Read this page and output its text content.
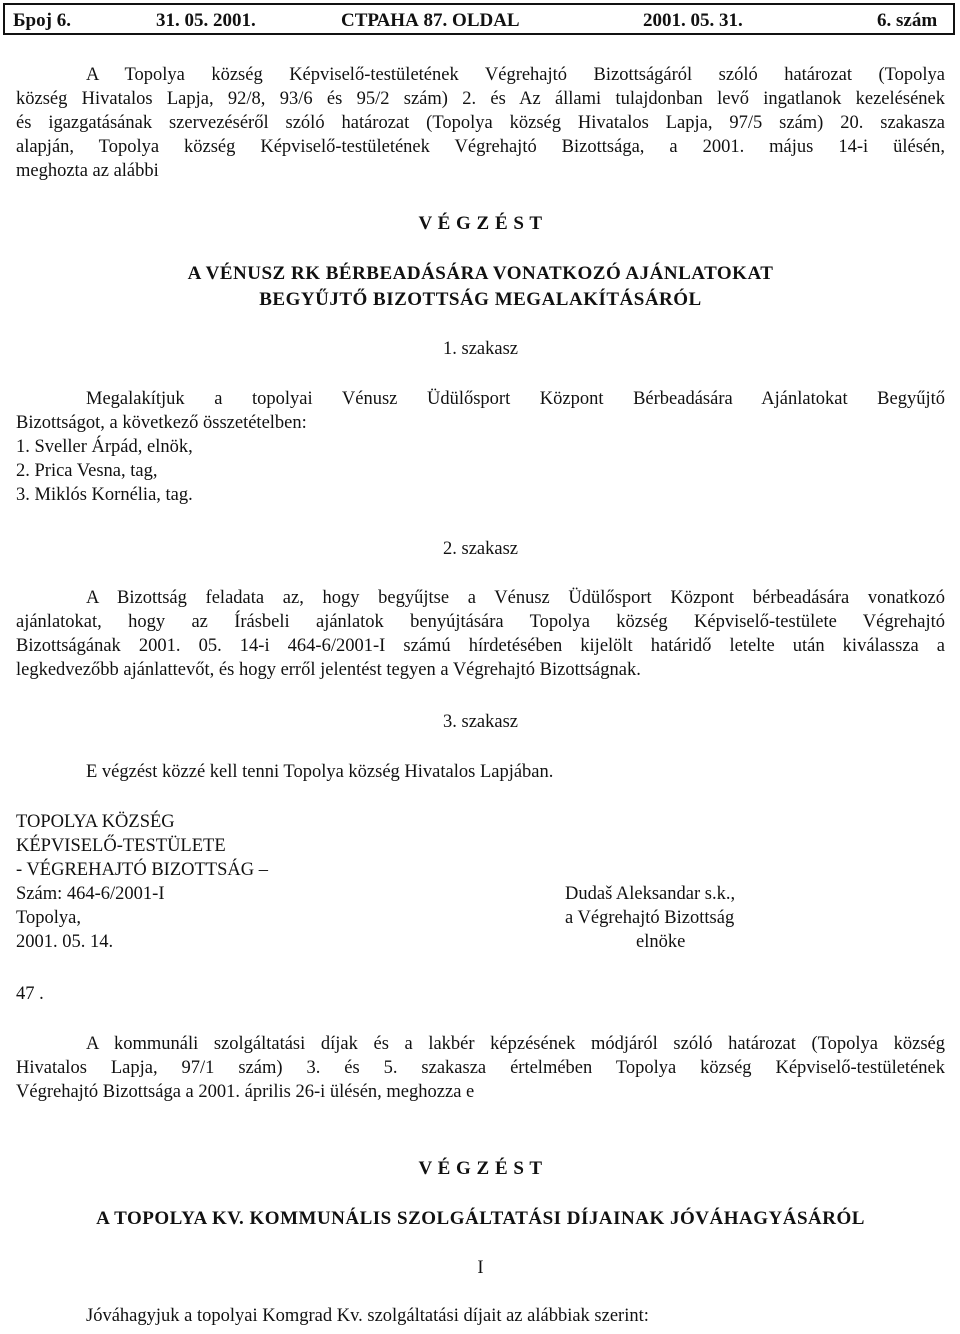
Број 6.	31. 05. 2001.	СТРАНА 87. OLDAL	2001. 05. 31.	6. szám
A Topolya község Képviselő-testületének Végrehajtó Bizottságáról szóló határozat (Topolya
község Hivatalos Lapja, 92/8, 93/6 és 95/2 szám) 2. és Az állami tulajdonban levő ingatlanok kezelésének
és igazgatásának szervezéséről szóló határozat (Topolya község Hivatalos Lapja, 97/5 szám) 20. szakasza
alapján, Topolya község Képviselő-testületének Végrehajtó Bizottsága, a 2001. május 14-i ülésén,
meghozta az alábbi
V É G Z É S T
A VÉNUSZ RK BÉRBEADÁSÁRA VONATKOZÓ AJÁNLATOKAT
BEGYŰJTŐ BIZOTTSÁG MEGALAKÍTÁSÁRÓL
1. szakasz
Megalakítjuk a topolyai Vénusz Üdülősport Központ Bérbeadására Ajánlatokat Begyűjtő
Bizottságot, a következő összetételben:
1. Sveller Árpád, elnök,
2. Prica Vesna, tag,
3. Miklós Kornélia, tag.
2. szakasz
A Bizottság feladata az, hogy begyűjtse a Vénusz Üdülősport Központ bérbeadására vonatkozó
ajánlatokat, hogy az Írásbeli ajánlatok benyújtására Topolya község Képviselő-testülete Végrehajtó
Bizottságának 2001. 05. 14-i 464-6/2001-I számú hírdetésében kijelölt határidő letelte után kiválassza a
legkedvezőbb ajánlattevőt, és hogy erről jelentést tegyen a Végrehajtó Bizottságnak.
3. szakasz
E végzést közzé kell tenni Topolya község Hivatalos Lapjában.
TOPOLYA KÖZSÉG
KÉPVISELŐ-TESTÜLETE
- VÉGREHAJTÓ BIZOTTSÁG –
Szám: 464-6/2001-I
Topolya,
2001. 05. 14.
Dudaš Aleksandar s.k.,
a Végrehajtó Bizottság
elnöke
47 .
A kommunáli szolgáltatási díjak és a lakbér képzésének módjáról szóló határozat (Topolya község
Hivatalos Lapja, 97/1 szám) 3. és 5. szakasza értelmében Topolya község Képviselő-testületének
Végrehajtó Bizottsága a 2001. április 26-i ülésén, meghozza e
V É G Z É S T
A TOPOLYA KV. KOMMUNÁLIS SZOLGÁLTATÁSI DÍJAINAK JÓVÁHAGYÁSÁRÓL
I
Jóváhagyjuk a topolyai Komgrad Kv. szolgáltatási díjait az alábbiak szerint:
